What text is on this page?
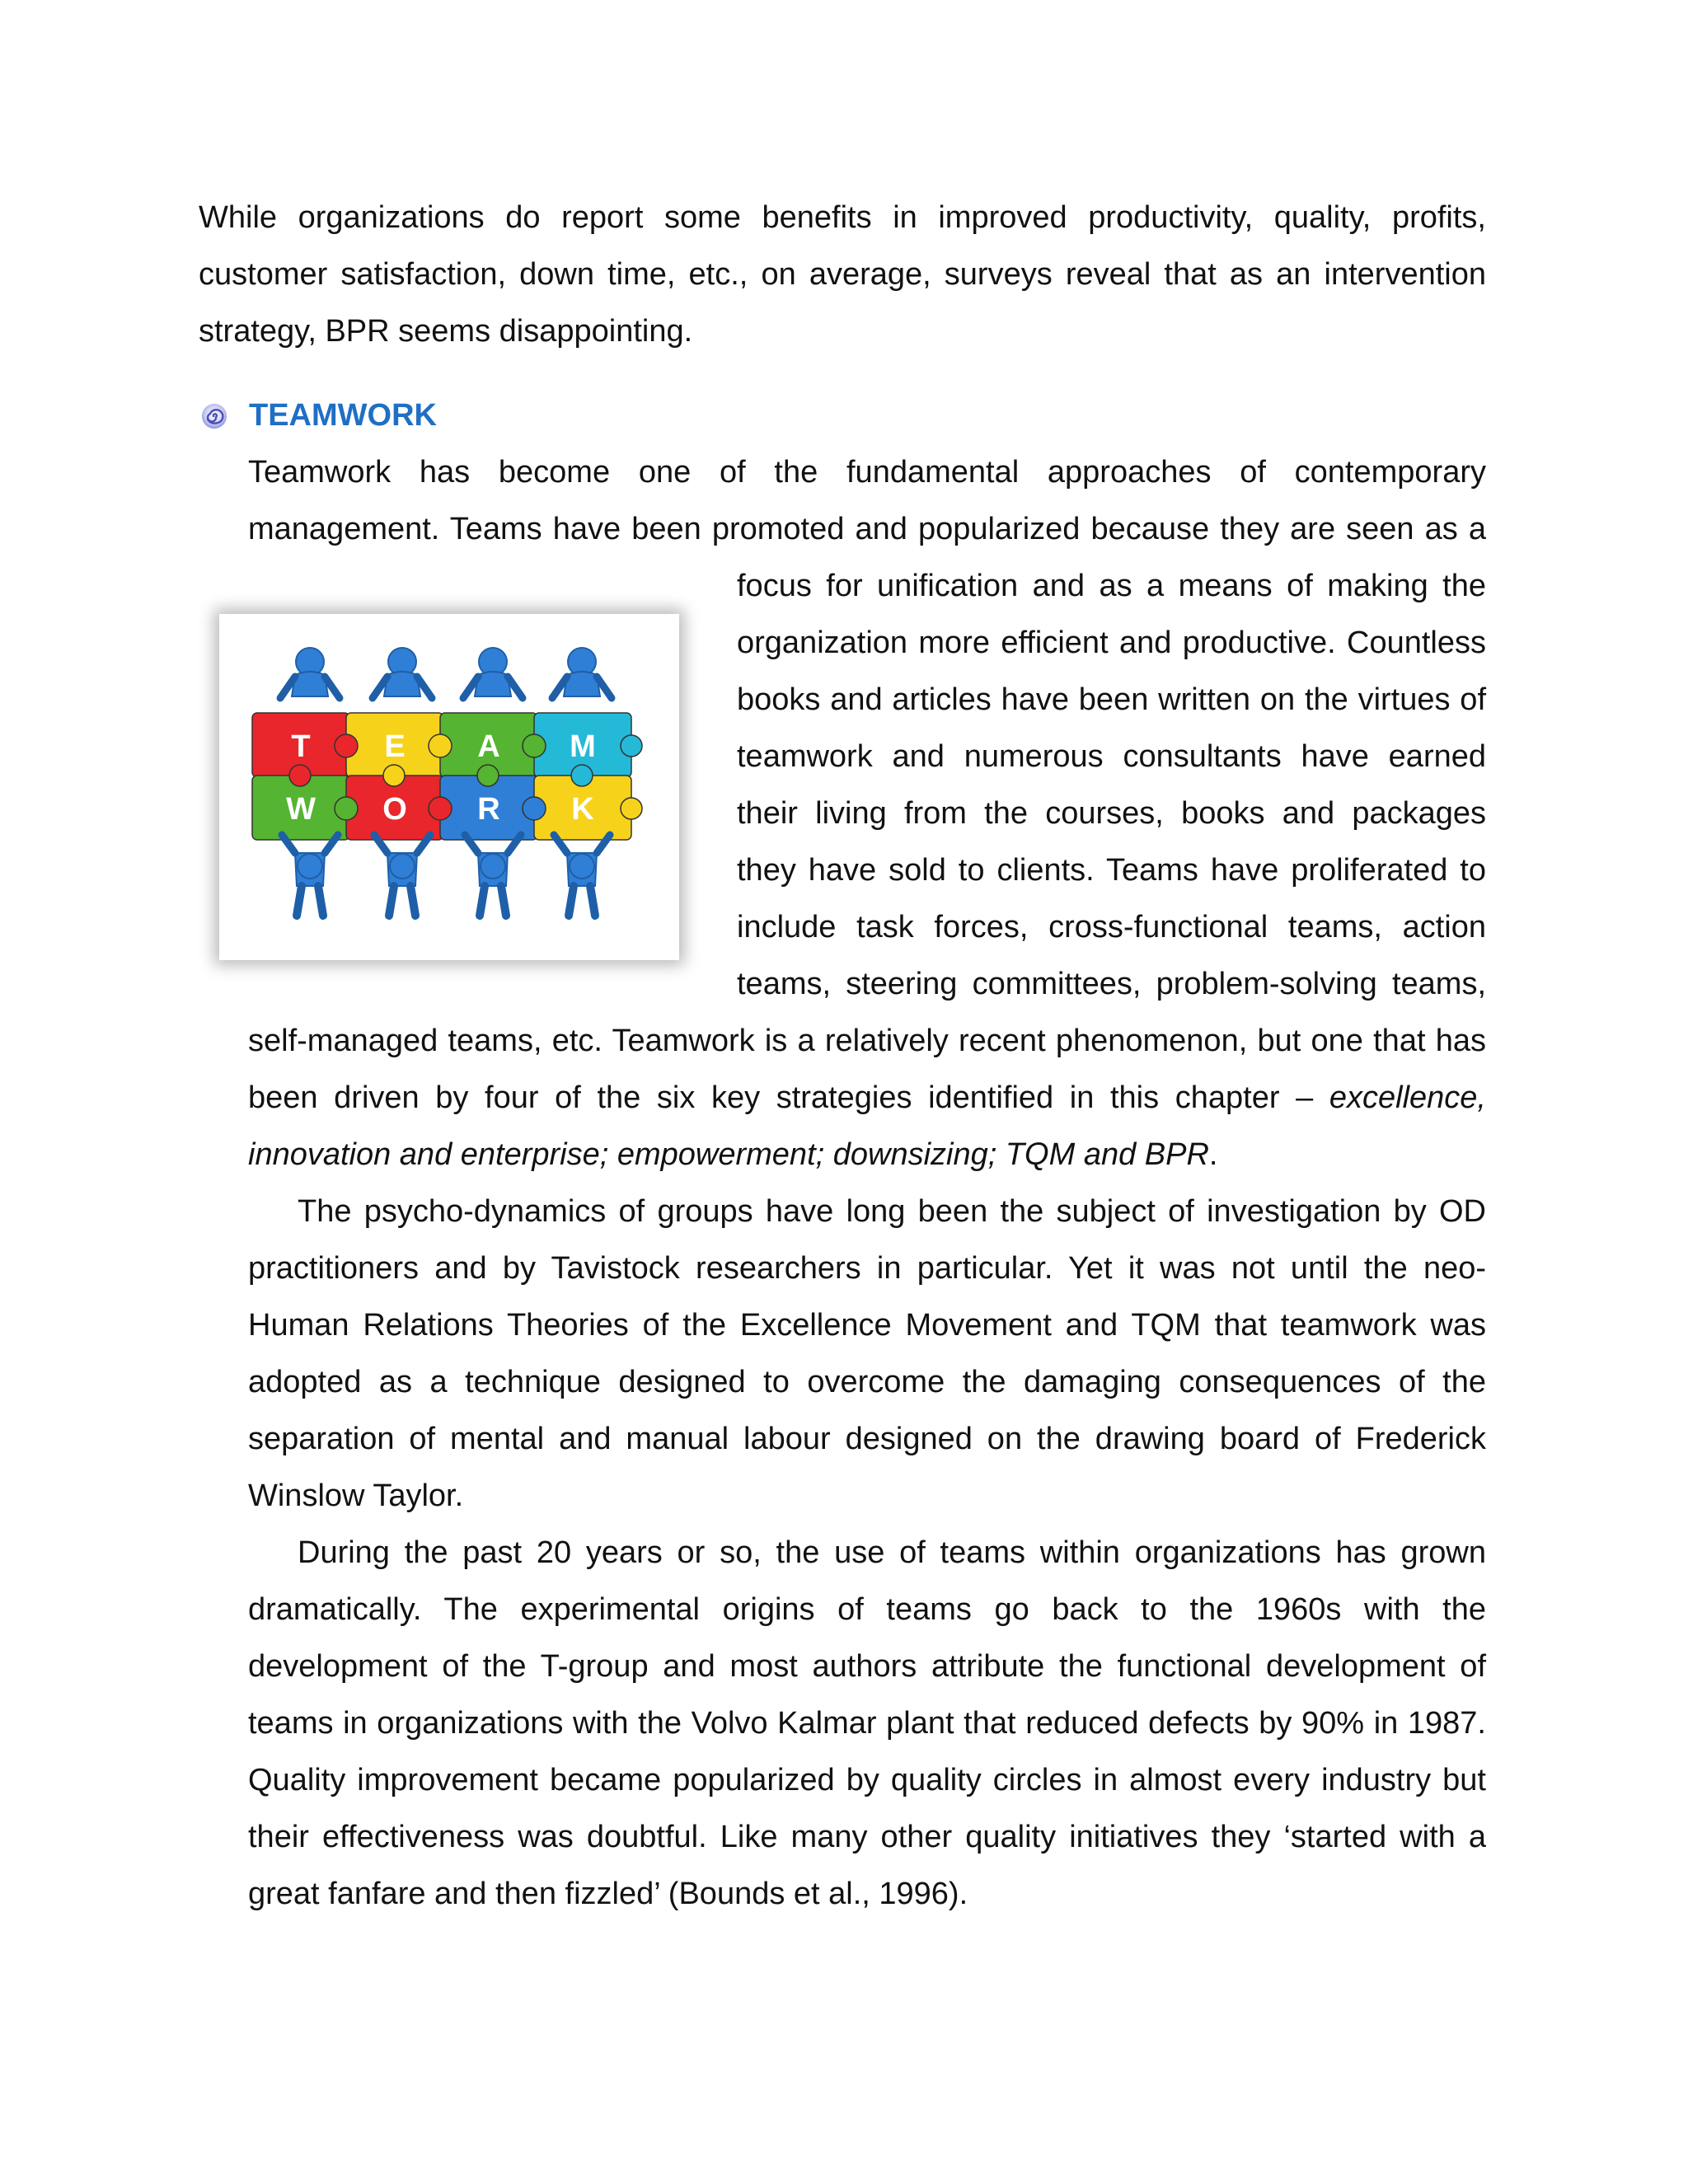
While organizations do report some benefits in improved productivity, quality, profits, customer satisfaction, down time, etc., on average, surveys reveal that as an intervention strategy, BPR seems disappointing.

TEAMWORK

T E A M
W O R K
Teamwork has become one of the fundamental approaches of contemporary management. Teams have been promoted and popularized because they are seen as a focus for unification and as a means of making the organization more efficient and productive. Countless books and articles have been written on the virtues of teamwork and numerous consultants have earned their living from the courses, books and packages they have sold to clients. Teams have proliferated to include task forces, cross-functional teams, action teams, steering committees, problem-solving teams, self-managed teams, etc. Teamwork is a relatively recent phenomenon, but one that has been driven by four of the six key strategies identified in this chapter – excellence, innovation and enterprise; empowerment; downsizing; TQM and BPR.

The psycho-dynamics of groups have long been the subject of investigation by OD practitioners and by Tavistock researchers in particular. Yet it was not until the neo-Human Relations Theories of the Excellence Movement and TQM that teamwork was adopted as a technique designed to overcome the damaging consequences of the separation of mental and manual labour designed on the drawing board of Frederick Winslow Taylor.

During the past 20 years or so, the use of teams within organizations has grown dramatically. The experimental origins of teams go back to the 1960s with the development of the T-group and most authors attribute the functional development of teams in organizations with the Volvo Kalmar plant that reduced defects by 90% in 1987. Quality improvement became popularized by quality circles in almost every industry but their effectiveness was doubtful. Like many other quality initiatives they ‘started with a great fanfare and then fizzled’ (Bounds et al., 1996).
